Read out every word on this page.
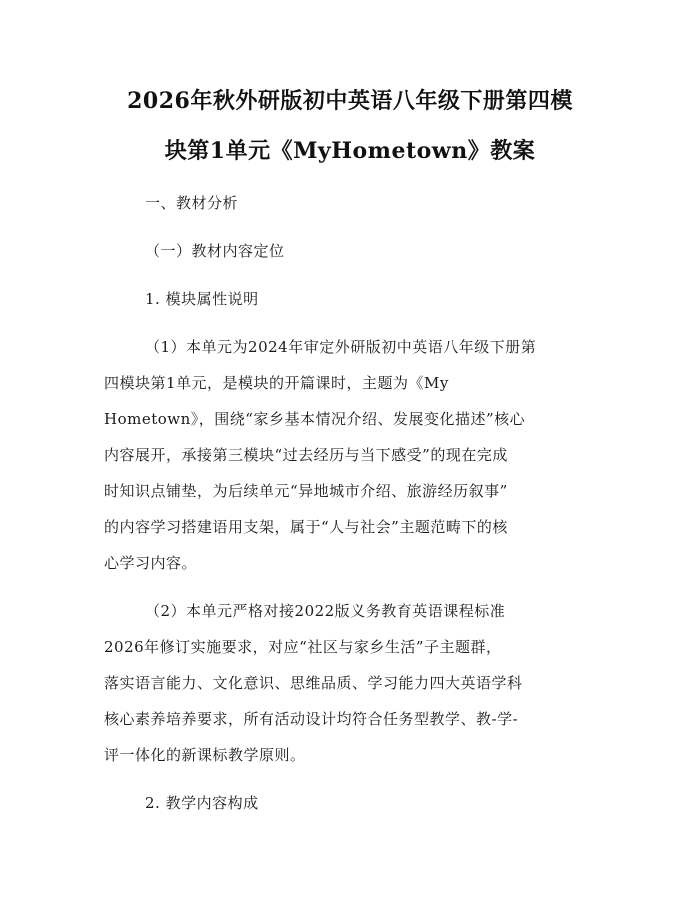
2026年秋外研版初中英语八年级下册第四模
块第1单元《MyHometown》教案
一、教材分析
（一）教材内容定位
1. 模块属性说明
（1）本单元为2024年审定外研版初中英语八年级下册第
四模块第1单元，是模块的开篇课时，主题为《My
Hometown》，围绕“家乡基本情况介绍、发展变化描述”核心
内容展开，承接第三模块“过去经历与当下感受”的现在完成
时知识点铺垫，为后续单元“异地城市介绍、旅游经历叙事”
的内容学习搭建语用支架，属于“人与社会”主题范畴下的核
心学习内容。
（2）本单元严格对接2022版义务教育英语课程标准
2026年修订实施要求，对应“社区与家乡生活”子主题群，
落实语言能力、文化意识、思维品质、学习能力四大英语学科
核心素养培养要求，所有活动设计均符合任务型教学、教-学-
评一体化的新课标教学原则。
2. 教学内容构成
